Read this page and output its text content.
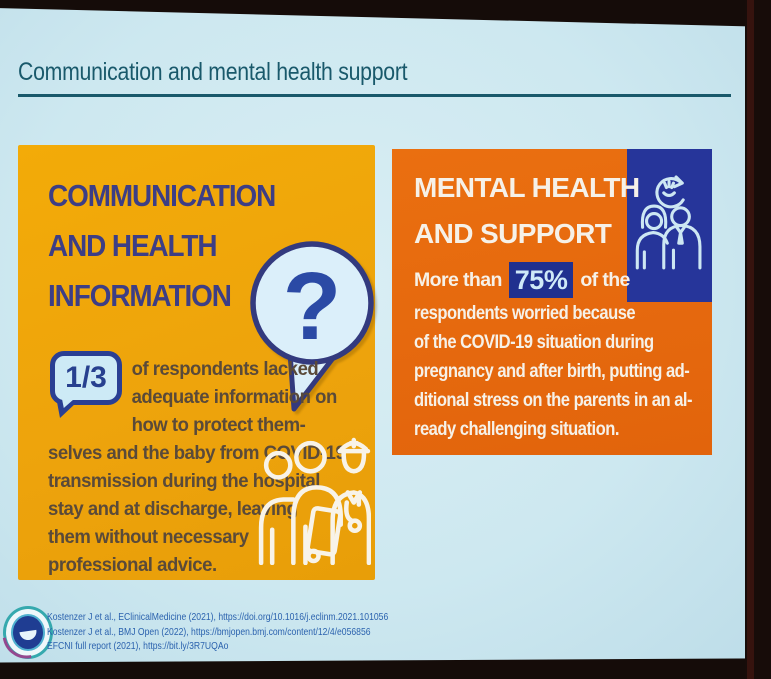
Communication and mental health support
COMMUNICATION
AND HEALTH
INFORMATION ?
1/3	of respondents lacked
adequate information on
how to protect them-
selves and the baby from COVID-19
transmission during the hospital
stay and at discharge, leaving
them without necessary
professional advice.
MENTAL HEALTH
AND SUPPORT
More than 75% of the
respondents worried because
of the COVID-19 situation during
pregnancy and after birth, putting ad-
ditional stress on the parents in an al-
ready challenging situation.
Kostenzer J et al., EClinicalMedicine (2021), https://doi.org/10.1016/j.eclinm.2021.101056
Kostenzer J et al., BMJ Open (2022), https://bmjopen.bmj.com/content/12/4/e056856
EFCNI full report (2021), https://bit.ly/3R7UQAo
